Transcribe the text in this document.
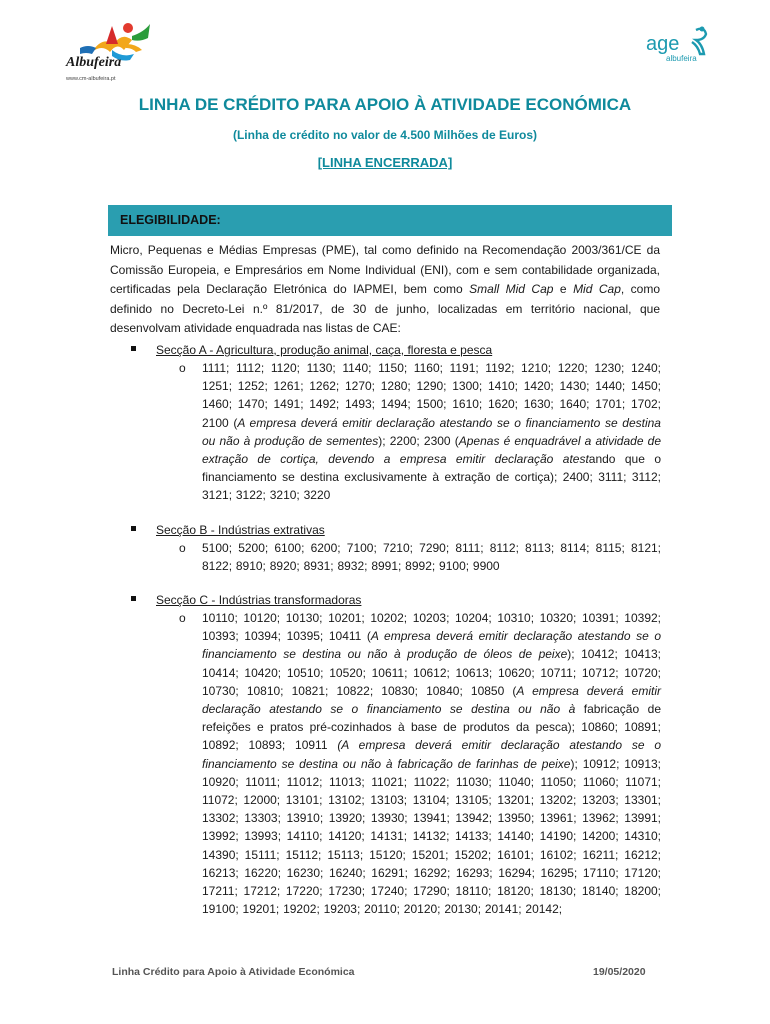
Albufeira
www.cm-albufeira.pt
age
albufeira
LINHA DE CRÉDITO PARA APOIO À ATIVIDADE ECONÓMICA
(Linha de crédito no valor de 4.500 Milhões de Euros)
[LINHA ENCERRADA]
ELEGIBILIDADE:
Micro, Pequenas e Médias Empresas (PME), tal como definido na Recomendação 2003/361/CE da Comissão Europeia, e Empresários em Nome Individual (ENI), com e sem contabilidade organizada, certificadas pela Declaração Eletrónica do IAPMEI, bem como Small Mid Cap e Mid Cap, como definido no Decreto-Lei n.º 81/2017, de 30 de junho, localizadas em território nacional, que desenvolvam atividade enquadrada nas listas de CAE:
Secção A - Agricultura, produção animal, caça, floresta e pesca
o 1111; 1112; 1120; 1130; 1140; 1150; 1160; 1191; 1192; 1210; 1220; 1230; 1240; 1251; 1252; 1261; 1262; 1270; 1280; 1290; 1300; 1410; 1420; 1430; 1440; 1450; 1460; 1470; 1491; 1492; 1493; 1494; 1500; 1610; 1620; 1630; 1640; 1701; 1702; 2100 (A empresa deverá emitir declaração atestando se o financiamento se destina ou não à produção de sementes); 2200; 2300 (Apenas é enquadrável a atividade de extração de cortiça, devendo a empresa emitir declaração atestando que o financiamento se destina exclusivamente à extração de cortiça); 2400; 3111; 3112; 3121; 3122; 3210; 3220
Secção B - Indústrias extrativas
o 5100; 5200; 6100; 6200; 7100; 7210; 7290; 8111; 8112; 8113; 8114; 8115; 8121; 8122; 8910; 8920; 8931; 8932; 8991; 8992; 9100; 9900
Secção C - Indústrias transformadoras
o 10110; 10120; 10130; 10201; 10202; 10203; 10204; 10310; 10320; 10391; 10392; 10393; 10394; 10395; 10411 (A empresa deverá emitir declaração atestando se o financiamento se destina ou não à produção de óleos de peixe); 10412; 10413; 10414; 10420; 10510; 10520; 10611; 10612; 10613; 10620; 10711; 10712; 10720; 10730; 10810; 10821; 10822; 10830; 10840; 10850 (A empresa deverá emitir declaração atestando se o financiamento se destina ou não à fabricação de refeições e pratos pré-cozinhados à base de produtos da pesca); 10860; 10891; 10892; 10893; 10911 (A empresa deverá emitir declaração atestando se o financiamento se destina ou não à fabricação de farinhas de peixe); 10912; 10913; 10920; 11011; 11012; 11013; 11021; 11022; 11030; 11040; 11050; 11060; 11071; 11072; 12000; 13101; 13102; 13103; 13104; 13105; 13201; 13202; 13203; 13301; 13302; 13303; 13910; 13920; 13930; 13941; 13942; 13950; 13961; 13962; 13991; 13992; 13993; 14110; 14120; 14131; 14132; 14133; 14140; 14190; 14200; 14310; 14390; 15111; 15112; 15113; 15120; 15201; 15202; 16101; 16102; 16211; 16212; 16213; 16220; 16230; 16240; 16291; 16292; 16293; 16294; 16295; 17110; 17120; 17211; 17212; 17220; 17230; 17240; 17290; 18110; 18120; 18130; 18140; 18200; 19100; 19201; 19202; 19203; 20110; 20120; 20130; 20141; 20142;
Linha Crédito para Apoio à Atividade Económica	19/05/2020
